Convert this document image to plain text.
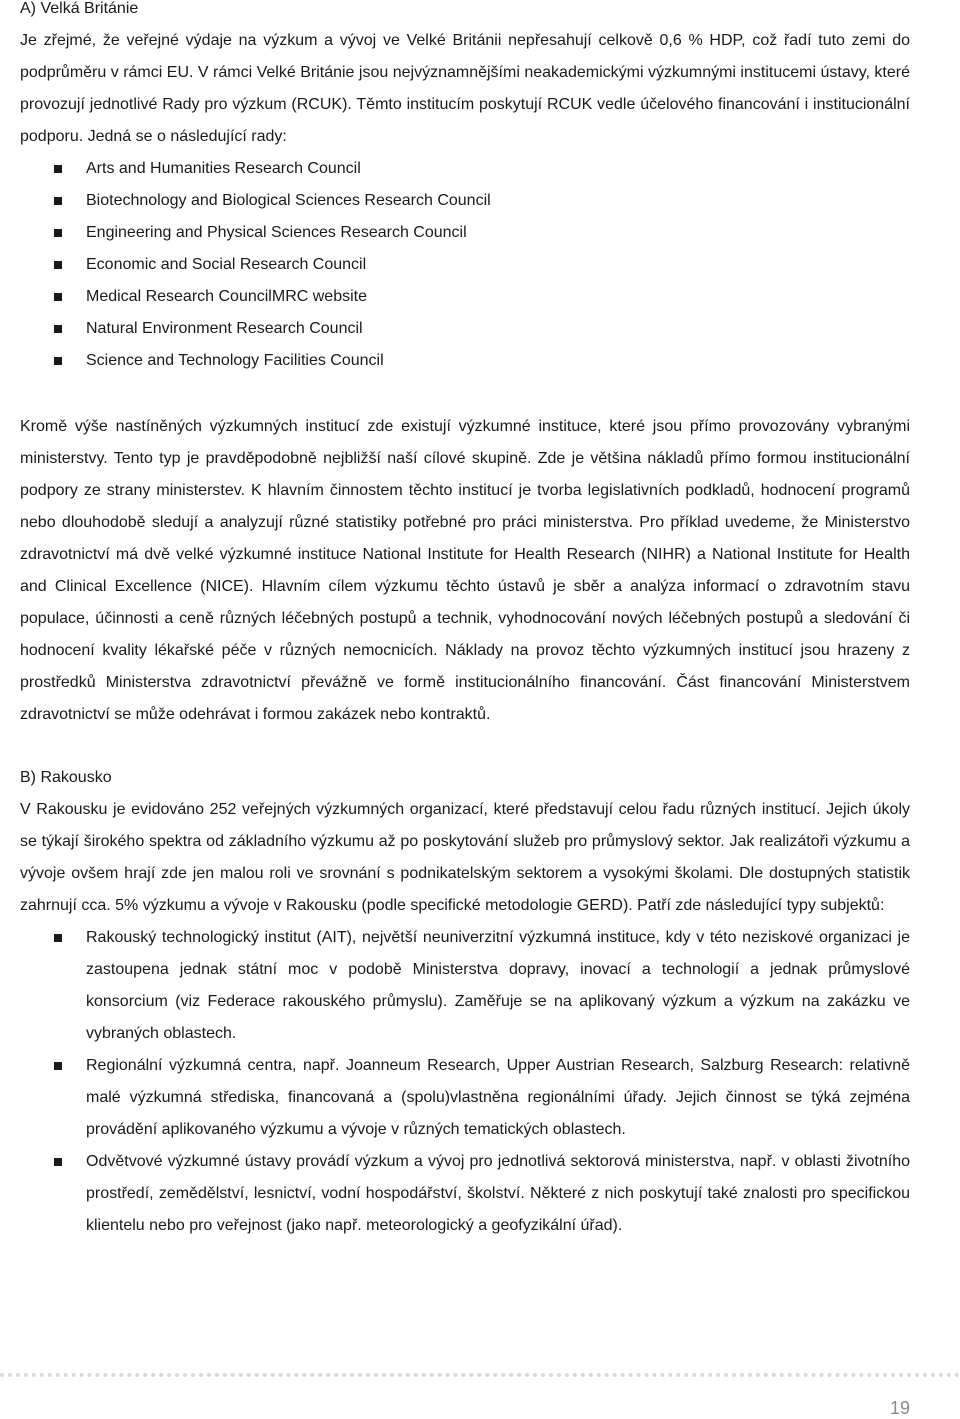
A) Velká Británie

Je zřejmé, že veřejné výdaje na výzkum a vývoj ve Velké Británii nepřesahují celkově 0,6 % HDP, což řadí tuto zemi do podprůměru v rámci EU. V rámci Velké Británie jsou nejvýznamnějšími neakademickými výzkumnými institucemi ústavy, které provozují jednotlivé Rady pro výzkum (RCUK). Těmto institucím poskytují RCUK vedle účelového financování i institucionální podporu. Jedná se o následující rady:

Arts and Humanities Research Council
Biotechnology and Biological Sciences Research Council
Engineering and Physical Sciences Research Council
Economic and Social Research Council
Medical Research CouncilMRC website
Natural Environment Research Council
Science and Technology Facilities Council

Kromě výše nastíněných výzkumných institucí zde existují výzkumné instituce, které jsou přímo provozovány vybranými ministerstvy. Tento typ je pravděpodobně nejbližší naší cílové skupině. Zde je většina nákladů přímo formou institucionální podpory ze strany ministerstev. K hlavním činnostem těchto institucí je tvorba legislativních podkladů, hodnocení programů nebo dlouhodobě sledují a analyzují různé statistiky potřebné pro práci ministerstva. Pro příklad uvedeme, že Ministerstvo zdravotnictví má dvě velké výzkumné instituce National Institute for Health Research (NIHR) a National Institute for Health and Clinical Excellence (NICE). Hlavním cílem výzkumu těchto ústavů je sběr a analýza informací o zdravotním stavu populace, účinnosti a ceně různých léčebných postupů a technik, vyhodnocování nových léčebných postupů a sledování či hodnocení kvality lékařské péče v různých nemocnicích. Náklady na provoz těchto výzkumných institucí jsou hrazeny z prostředků Ministerstva zdravotnictví převážně ve formě institucionálního financování. Část financování Ministerstvem zdravotnictví se může odehrávat i formou zakázek nebo kontraktů.

B) Rakousko

V Rakousku je evidováno 252 veřejných výzkumných organizací, které představují celou řadu různých institucí. Jejich úkoly se týkají širokého spektra od základního výzkumu až po poskytování služeb pro průmyslový sektor. Jak realizátoři výzkumu a vývoje ovšem hrají zde jen malou roli ve srovnání s podnikatelským sektorem a vysokými školami. Dle dostupných statistik zahrnují cca. 5% výzkumu a vývoje v Rakousku (podle specifické metodologie GERD). Patří zde následující typy subjektů:

Rakouský technologický institut (AIT), největší neuniverzitní výzkumná instituce, kdy v této neziskové organizaci je zastoupena jednak státní moc v podobě Ministerstva dopravy, inovací a technologií a jednak průmyslové konsorcium (viz Federace rakouského průmyslu). Zaměřuje se na aplikovaný výzkum a výzkum na zakázku ve vybraných oblastech.
Regionální výzkumná centra, např. Joanneum Research, Upper Austrian Research, Salzburg Research: relativně malé výzkumná střediska, financovaná a (spolu)vlastněna regionálními úřady. Jejich činnost se týká zejména provádění aplikovaného výzkumu a vývoje v různých tematických oblastech.
Odvětvové výzkumné ústavy provádí výzkum a vývoj pro jednotlivá sektorová ministerstva, např. v oblasti životního prostředí, zemědělství, lesnictví, vodní hospodářství, školství. Některé z nich poskytují také znalosti pro specifickou klientelu nebo pro veřejnost (jako např. meteorologický a geofyzikální úřad).
19
